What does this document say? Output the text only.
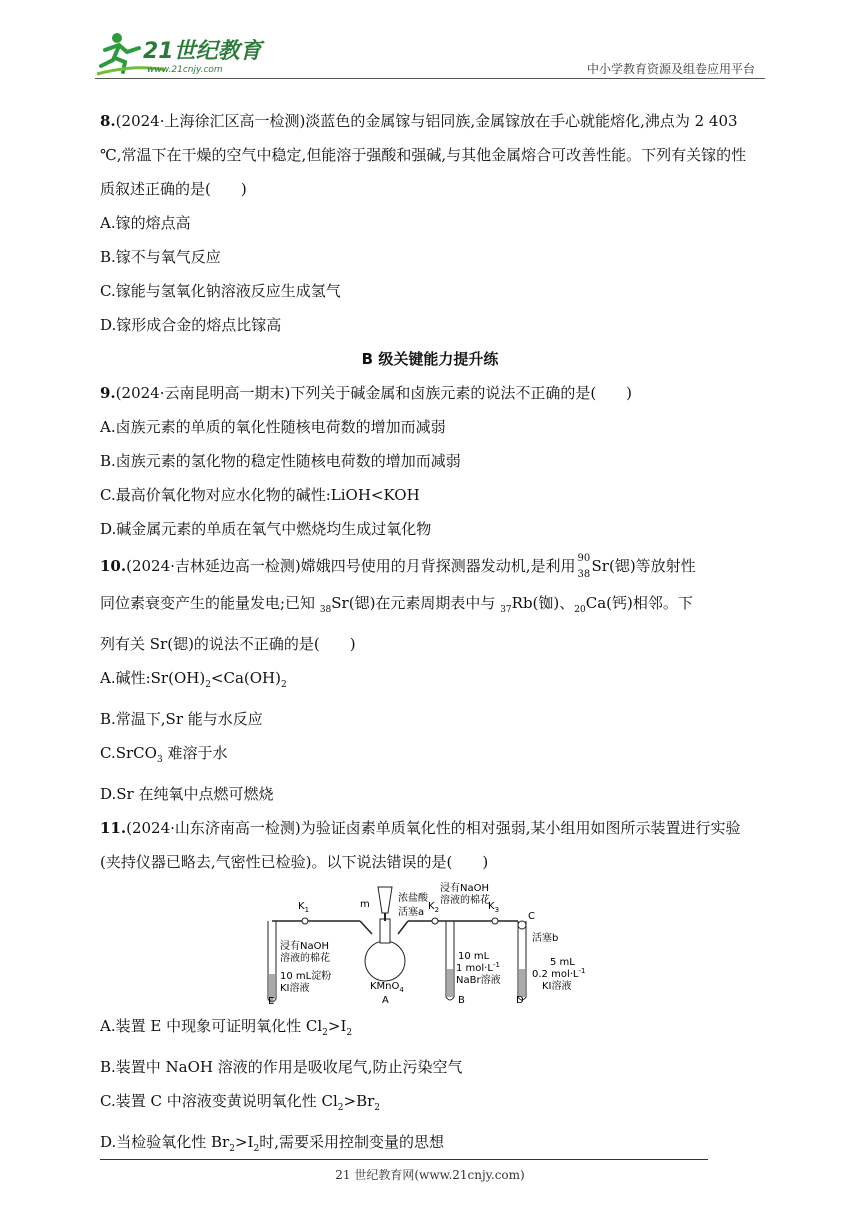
21世纪教育
www.21cnjy.com	中小学教育资源及组卷应用平台

8.(2024·上海徐汇区高一检测)淡蓝色的金属镓与铝同族,金属镓放在手心就能熔化,沸点为 2 403 ℃,常温下在干燥的空气中稳定,但能溶于强酸和强碱,与其他金属熔合可改善性能。下列有关镓的性质叙述正确的是(　　)

A.镓的熔点高

B.镓不与氧气反应

C.镓能与氢氧化钠溶液反应生成氢气

D.镓形成合金的熔点比镓高

B 级关键能力提升练

9.(2024·云南昆明高一期末)下列关于碱金属和卤族元素的说法不正确的是(　　)

A.卤族元素的单质的氧化性随核电荷数的增加而减弱

B.卤族元素的氢化物的稳定性随核电荷数的增加而减弱

C.最高价氧化物对应水化物的碱性:LiOH<KOH

D.碱金属元素的单质在氧气中燃烧均生成过氧化物

10.(2024·吉林延边高一检测)嫦娥四号使用的月背探测器发动机,是利用 90
38 Sr(锶)等放射性

同位素衰变产生的能量发电;已知 $_{38}$Sr(锶)在元素周期表中与 $_{37}$Rb(铷)、$_{20}$Ca(钙)相邻。下

列有关 Sr(锶)的说法不正确的是(　　)

A.碱性$:Sr(OH)_2<Ca(OH)_2$

B.常温下,Sr 能与水反应

C.SrCO$_3$ 难溶于水

D.Sr 在纯氧中点燃可燃烧

11.(2024·山东济南高一检测)为验证卤素单质氧化性的相对强弱,某小组用如图所示装置进行实验(夹持仪器已略去,气密性已检验)。以下说法错误的是(　　)

$K_1$
浸有NaOH 溶液的棉花
10 mL淀粉 KI溶液
E
m
浓盐酸
活塞a
KMnO$_4$
A
$K_2$
浸有NaOH 溶液的棉花
10 mL 1 $mol\cdot L^{-1}$ NaBr溶液
B
$K_3$
C
活塞b
5 mL 0.2 $mol\cdot L^{-1}$ KI溶液
D

A.装置 E 中现象可证明氧化性 $Cl_2>I_2$

B.装置中 NaOH 溶液的作用是吸收尾气,防止污染空气

C.装置 C 中溶液变黄说明氧化性 $Cl_2>Br_2$

D.当检验氧化性 $Br_2>I_2$时,需要采用控制变量的思想

21 世纪教育网(www.21cnjy.com)
